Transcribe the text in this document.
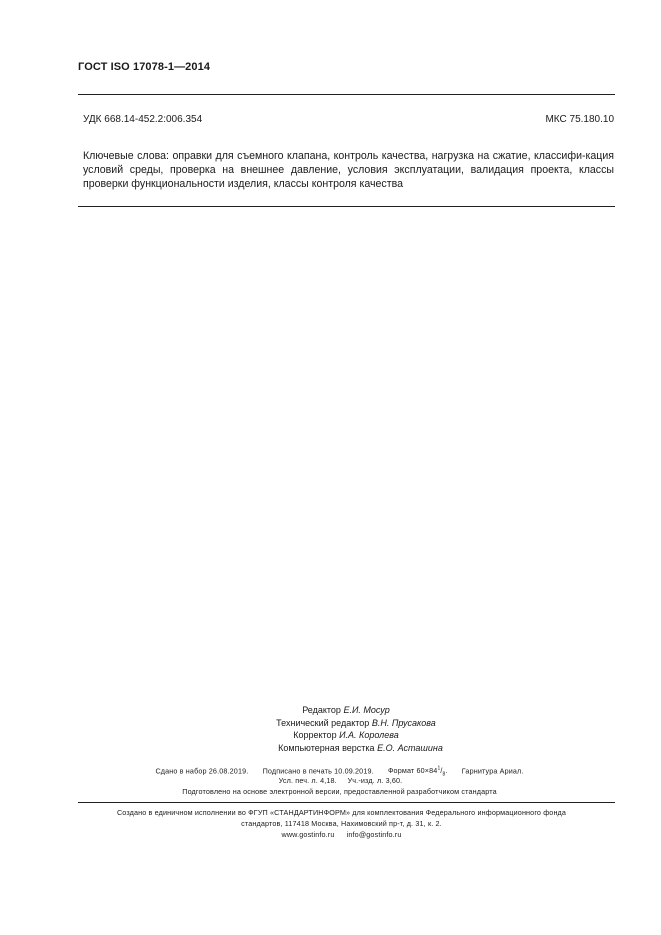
ГОСТ ISO 17078-1—2014
УДК 668.14-452.2:006.354	МКС 75.180.10
Ключевые слова: оправки для съемного клапана, контроль качества, нагрузка на сжатие, классифи-кация условий среды, проверка на внешнее давление, условия эксплуатации, валидация проекта, классы проверки функциональности изделия, классы контроля качества
Редактор Е.И. Мосур
Технический редактор В.Н. Прусакова
Корректор И.А. Королева
Компьютерная верстка Е.О. Асташина
Сдано в набор 26.08.2019. Подписано в печать 10.09.2019. Формат $60\times 84^1/_8$. Гарнитура Ариал.
Усл. печ. л. 4,18. Уч.-изд. л. 3,60.
Подготовлено на основе электронной версии, предоставленной разработчиком стандарта
Создано в единичном исполнении во ФГУП «СТАНДАРТИНФОРМ» для комплектования Федерального информационного фонда
стандартов, 117418 Москва, Нахимовский пр-т, д. 31, к. 2.
www.gostinfo.ru info@gostinfo.ru
